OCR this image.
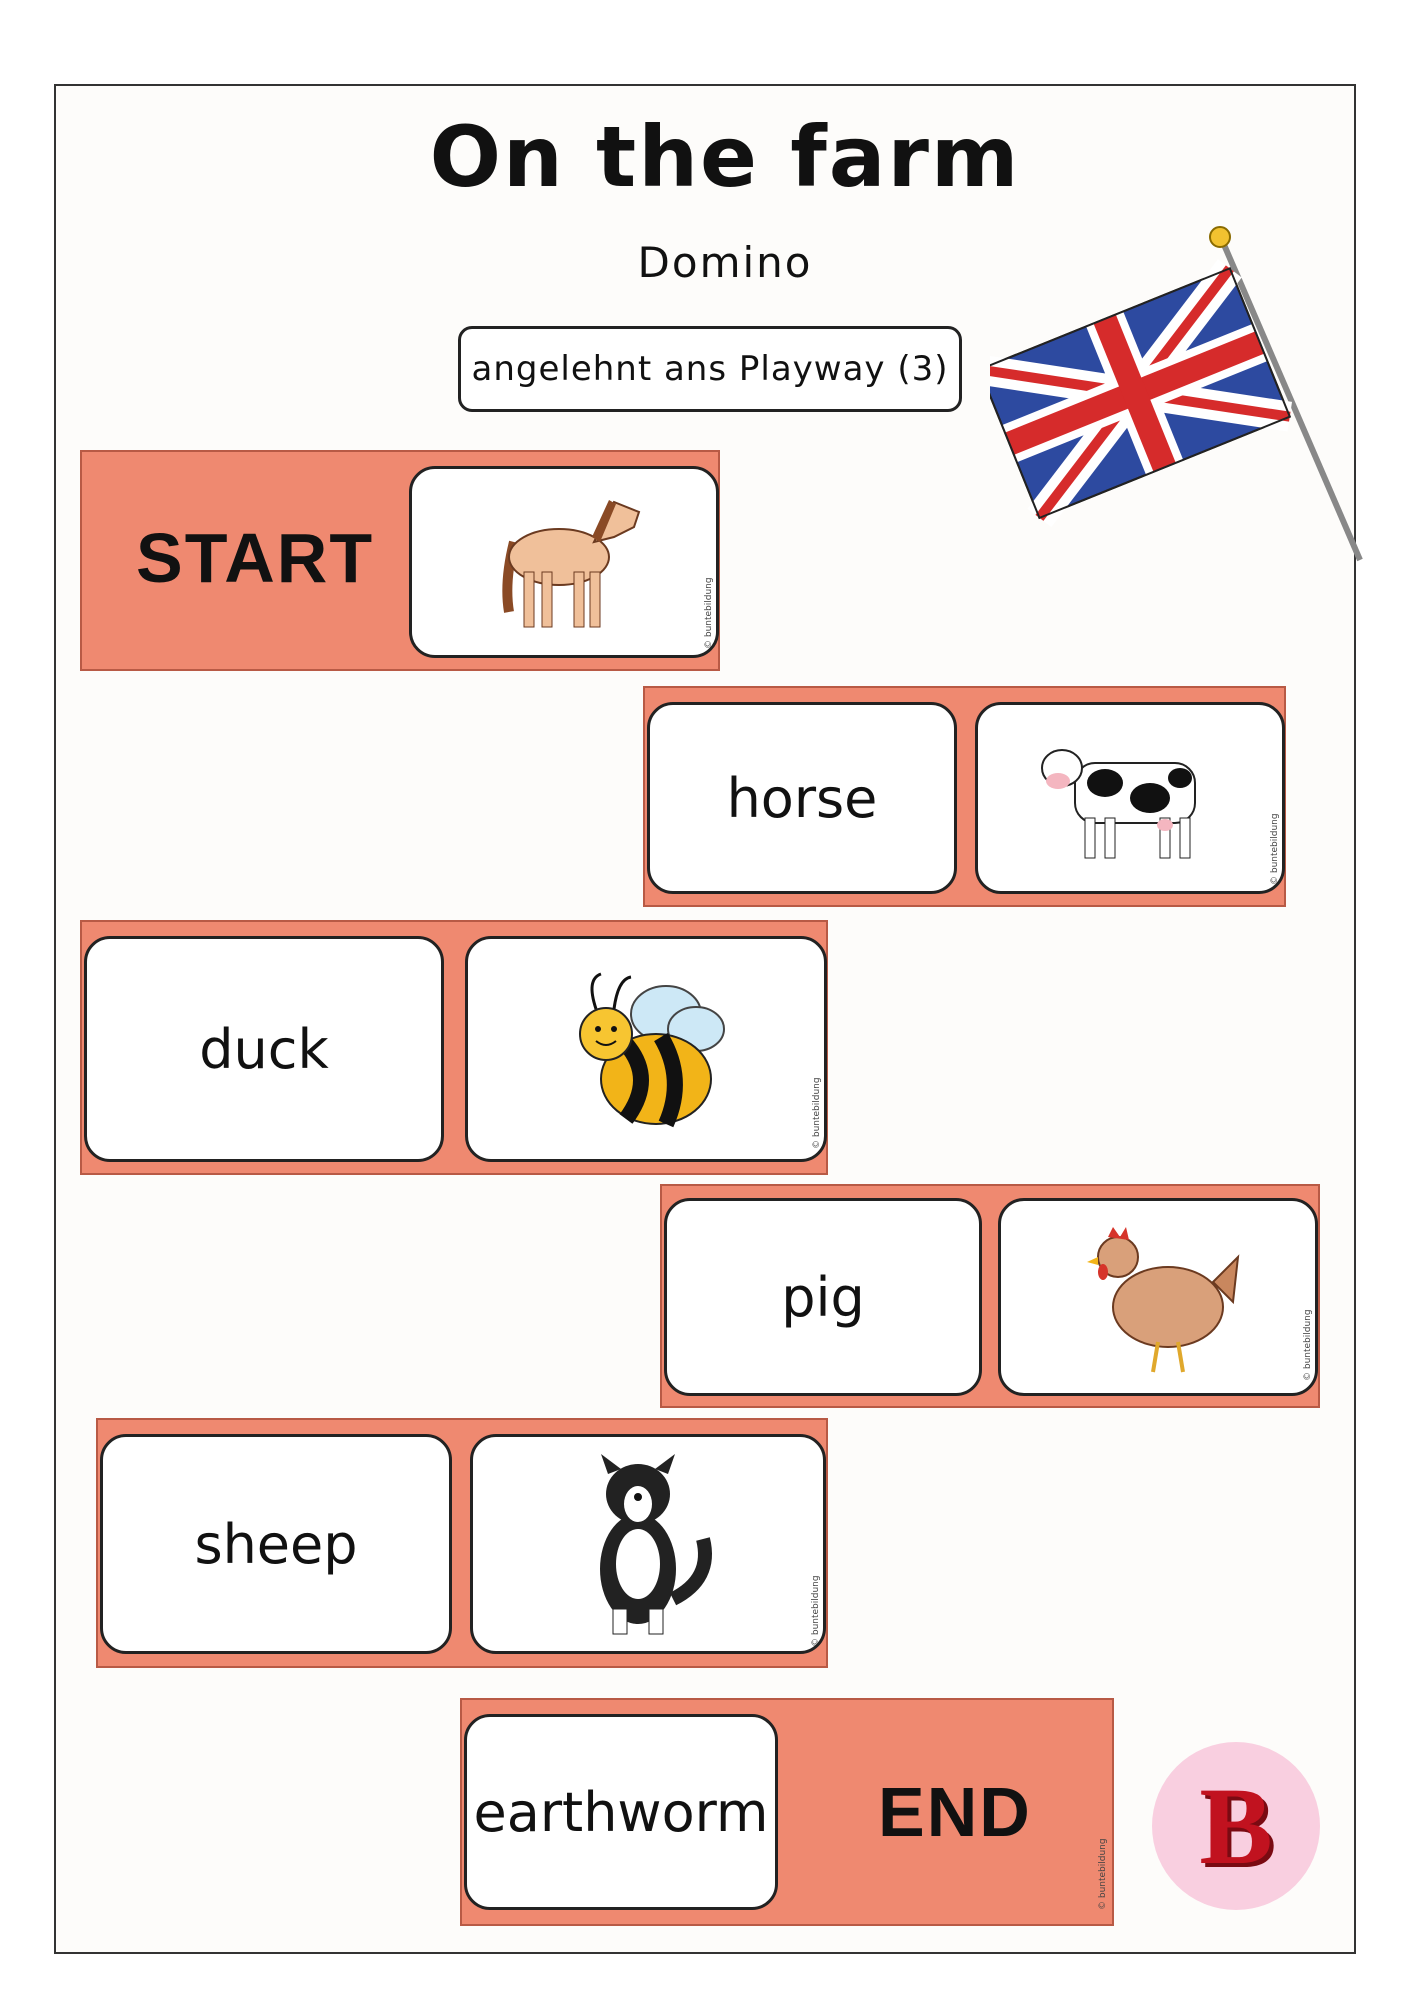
On the farm
Domino
angelehnt ans Playway (3)
START
© buntebildung
horse
© buntebildung
duck
© buntebildung
pig
© buntebildung
sheep
© buntebildung
earthworm END
© buntebildung B
